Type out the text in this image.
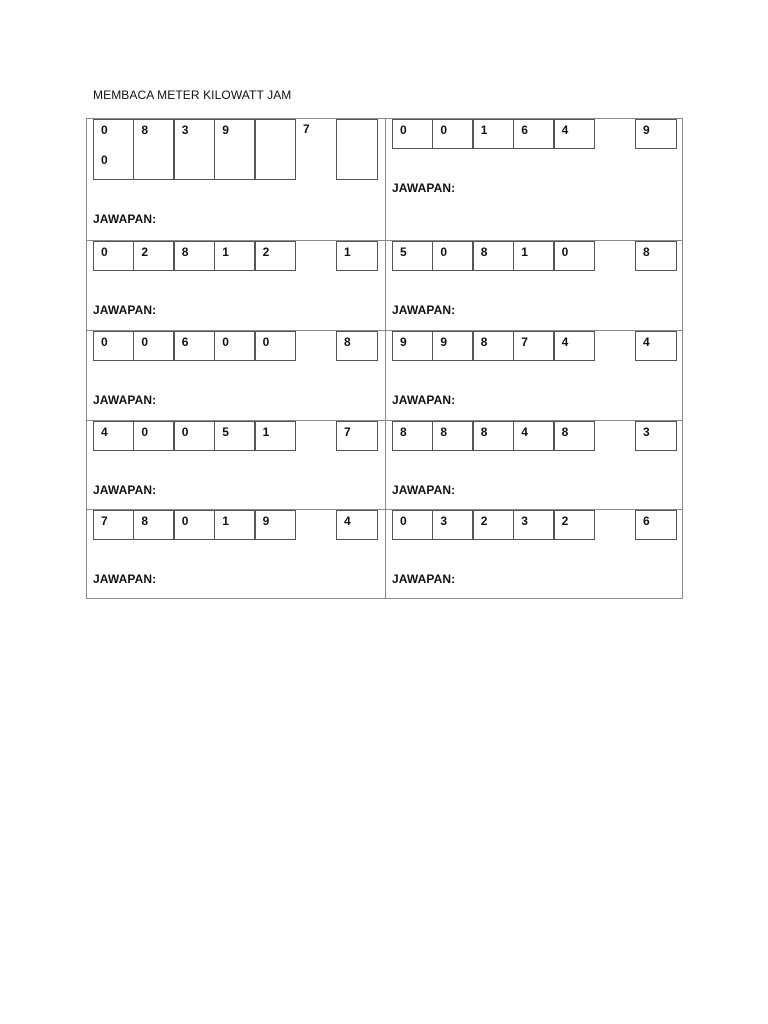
MEMBACA METER KILOWATT JAM
0
0
8	3	9	7
JAWAPAN:
0	0	1	6	4	9
JAWAPAN:
0	2	8	1	2	1
JAWAPAN:
5	0	8	1	0	8
JAWAPAN:
0	0	6	0	0	8
JAWAPAN:
9	9	8	7	4	4
JAWAPAN:
4	0	0	5	1	7
JAWAPAN:
8	8	8	4	8	3
JAWAPAN:
7	8	0	1	9	4
JAWAPAN:
0	3	2	3	2	6
JAWAPAN:
